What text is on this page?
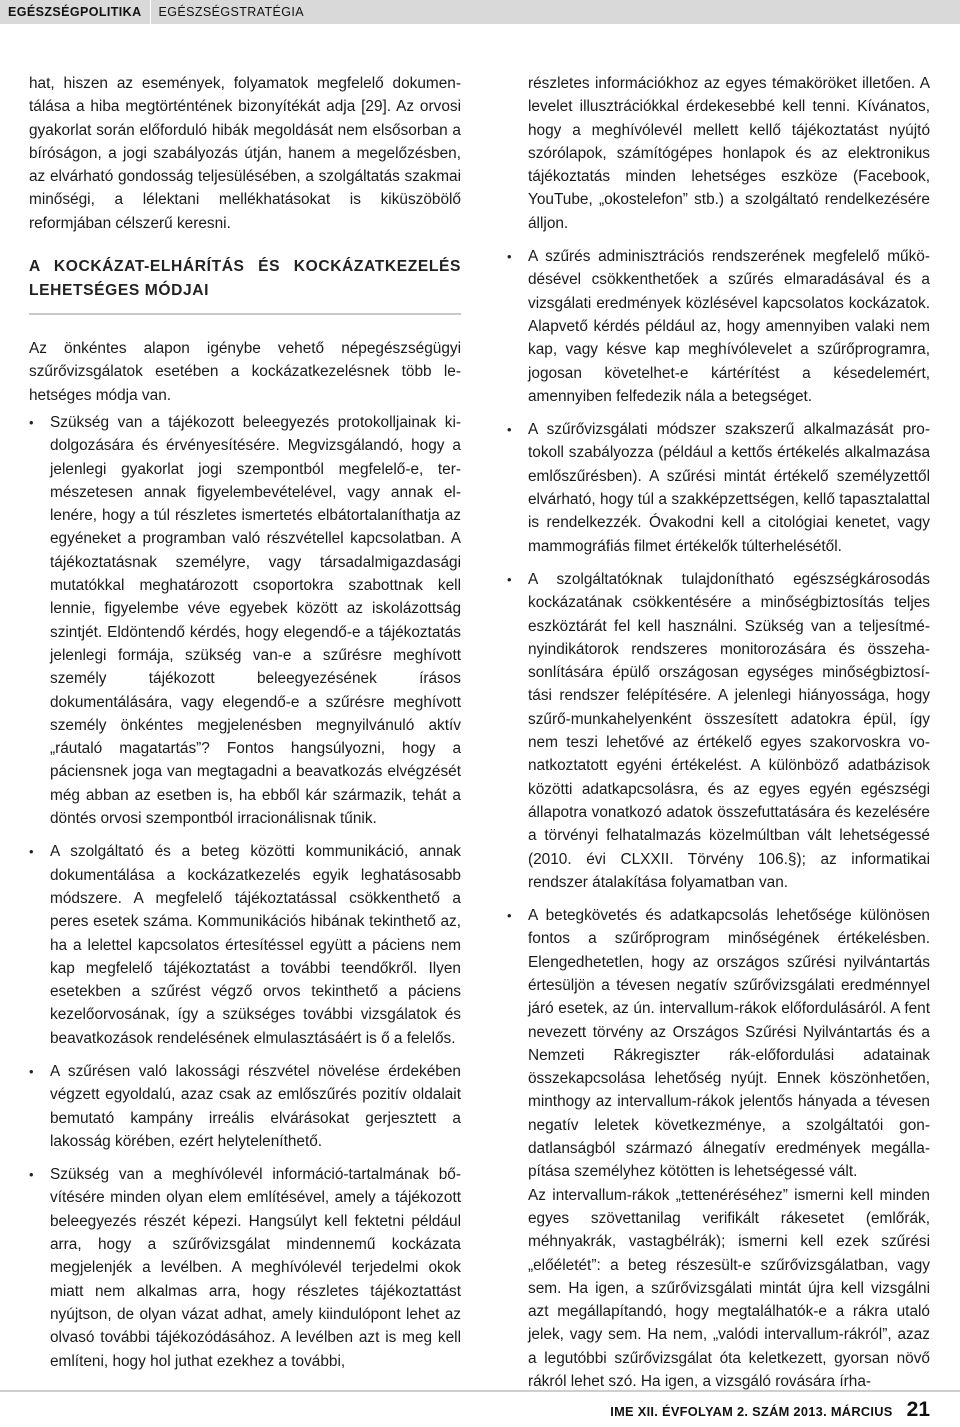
EGÉSZSÉGPOLITIKA EGÉSZSÉGSTRATÉGIA

hat, hiszen az események, folyamatok megfelelő dokumentálása a hiba megtörténtének bizonyítékát adja [29]. Az orvosi gyakorlat során előforduló hibák megoldását nem elsősorban a bíróságon, a jogi szabályozás útján, hanem a megelőzésben, az elvárható gondosság teljesülésében, a szolgáltatás szakmai minőségi, a lélektani mellékhatásokat is kiküszöbölő reformjában célszerű keresni.

A KOCKÁZAT-ELHÁRÍTÁS ÉS KOCKÁZATKEZELÉS LEHETSÉGES MÓDJAI

Az önkéntes alapon igénybe vehető népegészségügyi szűrővizsgálatok esetében a kockázatkezelésnek több lehetséges módja van.

• Szükség van a tájékozott beleegyezés protokolljainak kidolgozására és érvényesítésére. Megvizsgálandó, hogy a jelenlegi gyakorlat jogi szempontból megfelelő-e, természetesen annak figyelembevételével, vagy annak ellenére, hogy a túl részletes ismertetés elbátortalaníthatja az egyéneket a programban való részvétellel kapcsolatban. A tájékoztatásnak személyre, vagy társadalmigazdasági mutatókkal meghatározott csoportokra szabottnak kell lennie, figyelembe véve egyebek között az iskolázottság szintjét. Eldöntendő kérdés, hogy elegendő-e a tájékoztatás jelenlegi formája, szükség van-e a szűrésre meghívott személy tájékozott beleegyezésének írásos dokumentálására, vagy elegendő-e a szűrésre meghívott személy önkéntes megjelenésben megnyilvánuló aktív „ráutaló magatartás”? Fontos hangsúlyozni, hogy a páciensnek joga van megtagadni a beavatkozás elvégzését még abban az esetben is, ha ebből kár származik, tehát a döntés orvosi szempontból irracionálisnak tűnik.
• A szolgáltató és a beteg közötti kommunikáció, annak dokumentálása a kockázatkezelés egyik leghatásosabb módszere. A megfelelő tájékoztatással csökkenthető a peres esetek száma. Kommunikációs hibának tekinthető az, ha a lelettel kapcsolatos értesítéssel együtt a páciens nem kap megfelelő tájékoztatást a további teendőkről. Ilyen esetekben a szűrést végző orvos tekinthető a páciens kezelőorvosának, így a szükséges további vizsgálatok és beavatkozások rendelésének elmulasztásáért is ő a felelős.
• A szűrésen való lakossági részvétel növelése érdekében végzett egyoldalú, azaz csak az emlőszűrés pozitív oldalait bemutató kampány irreális elvárásokat gerjesztett a lakosság körében, ezért helyteleníthető.
• Szükség van a meghívólevél információ-tartalmának bővítésére minden olyan elem említésével, amely a tájékozott beleegyezés részét képezi. Hangsúlyt kell fektetni például arra, hogy a szűrővizsgálat mindennemű kockázata megjelenjék a levélben. A meghívólevél terjedelmi okok miatt nem alkalmas arra, hogy részletes tájékoztattást nyújtson, de olyan vázat adhat, amely kiindulópont lehet az olvasó további tájékozódásához. A levélben azt is meg kell említeni, hogy hol juthat ezekhez a további,

részletes információkhoz az egyes témaköröket illetően. A levelet illusztrációkkal érdekesebbé kell tenni. Kívánatos, hogy a meghívólevél mellett kellő tájékoztatást nyújtó szórólapok, számítógépes honlapok és az elektronikus tájékoztatás minden lehetséges eszköze (Facebook, YouTube, „okostelefon” stb.) a szolgáltató rendelkezésére álljon.

• A szűrés adminisztrációs rendszerének megfelelő működésével csökkenthetőek a szűrés elmaradásával és a vizsgálati eredmények közlésével kapcsolatos kockázatok. Alapvető kérdés például az, hogy amennyiben valaki nem kap, vagy késve kap meghívólevelet a szűrőprogramra, jogosan követelhet-e kártérítést a késedelemért, amennyiben felfedezik nála a betegséget.
• A szűrővizsgálati módszer szakszerű alkalmazását protokoll szabályozza (például a kettős értékelés alkalmazása emlőszűrésben). A szűrési mintát értékelő személyzettől elvárható, hogy túl a szakképzettségen, kellő tapasztalattal is rendelkezzék. Óvakodni kell a citológiai kenetet, vagy mammográfiás filmet értékelők túlterhelésétől.
• A szolgáltatóknak tulajdonítható egészségkárosodás kockázatának csökkentésére a minőségbiztosítás teljes eszköztárát fel kell használni. Szükség van a teljesítményindikátorok rendszeres monitorozására és összehasonlítására épülő országosan egységes minőségbiztosítási rendszer felépítésére. A jelenlegi hiányossága, hogy szűrő-munkahelyenként összesített adatokra épül, így nem teszi lehetővé az értékelő egyes szakorvoskra vonatkoztatott egyéni értékelést. A különböző adatbázisok közötti adatkapcsolásra, és az egyes egyén egészségi állapotra vonatkozó adatok összefuttatására és kezelésére a törvényi felhatalmazás közelmúltban vált lehetségessé (2010. évi CLXXII. Törvény 106.§); az informatikai rendszer átalakítása folyamatban van.
• A betegkövetés és adatkapcsolás lehetősége különösen fontos a szűrőprogram minőségének értékelésben. Elengedhetetlen, hogy az országos szűrési nyilvántartás értesüljön a tévesen negatív szűrővizsgálati eredménnyel járó esetek, az ún. intervallum-rákok előfordulásáról. A fent nevezett törvény az Országos Szűrési Nyilvántartás és a Nemzeti Rákregiszter rák-előfordulási adatainak összekapcsolása lehetőség nyújt. Ennek köszönhetően, minthogy az intervallum-rákok jelentős hányada a tévesen negatív leletek következménye, a szolgáltatói gondatlanságból származó álnegatív eredmények megállapítása személyhez kötötten is lehetségessé vált.

Az intervallum-rákok „tettenéréséhez” ismerni kell minden egyes szövettanilag verifikált rákesetet (emlőrák, méhnyakrák, vastagbélrák); ismerni kell ezek szűrési „előéletét”: a beteg részesült-e szűrővizsgálatban, vagy sem. Ha igen, a szűrővizsgálati mintát újra kell vizsgálni azt megállapítandó, hogy megtalálhatók-e a rákra utaló jelek, vagy sem. Ha nem, „valódi intervallum-rákról”, azaz a legutóbbi szűrővizsgálat óta keletkezett, gyorsan növő rákról lehet szó. Ha igen, a vizsgáló rovására írha-

IME XII. ÉVFOLYAM 2. SZÁM 2013. MÁRCIUS 21
